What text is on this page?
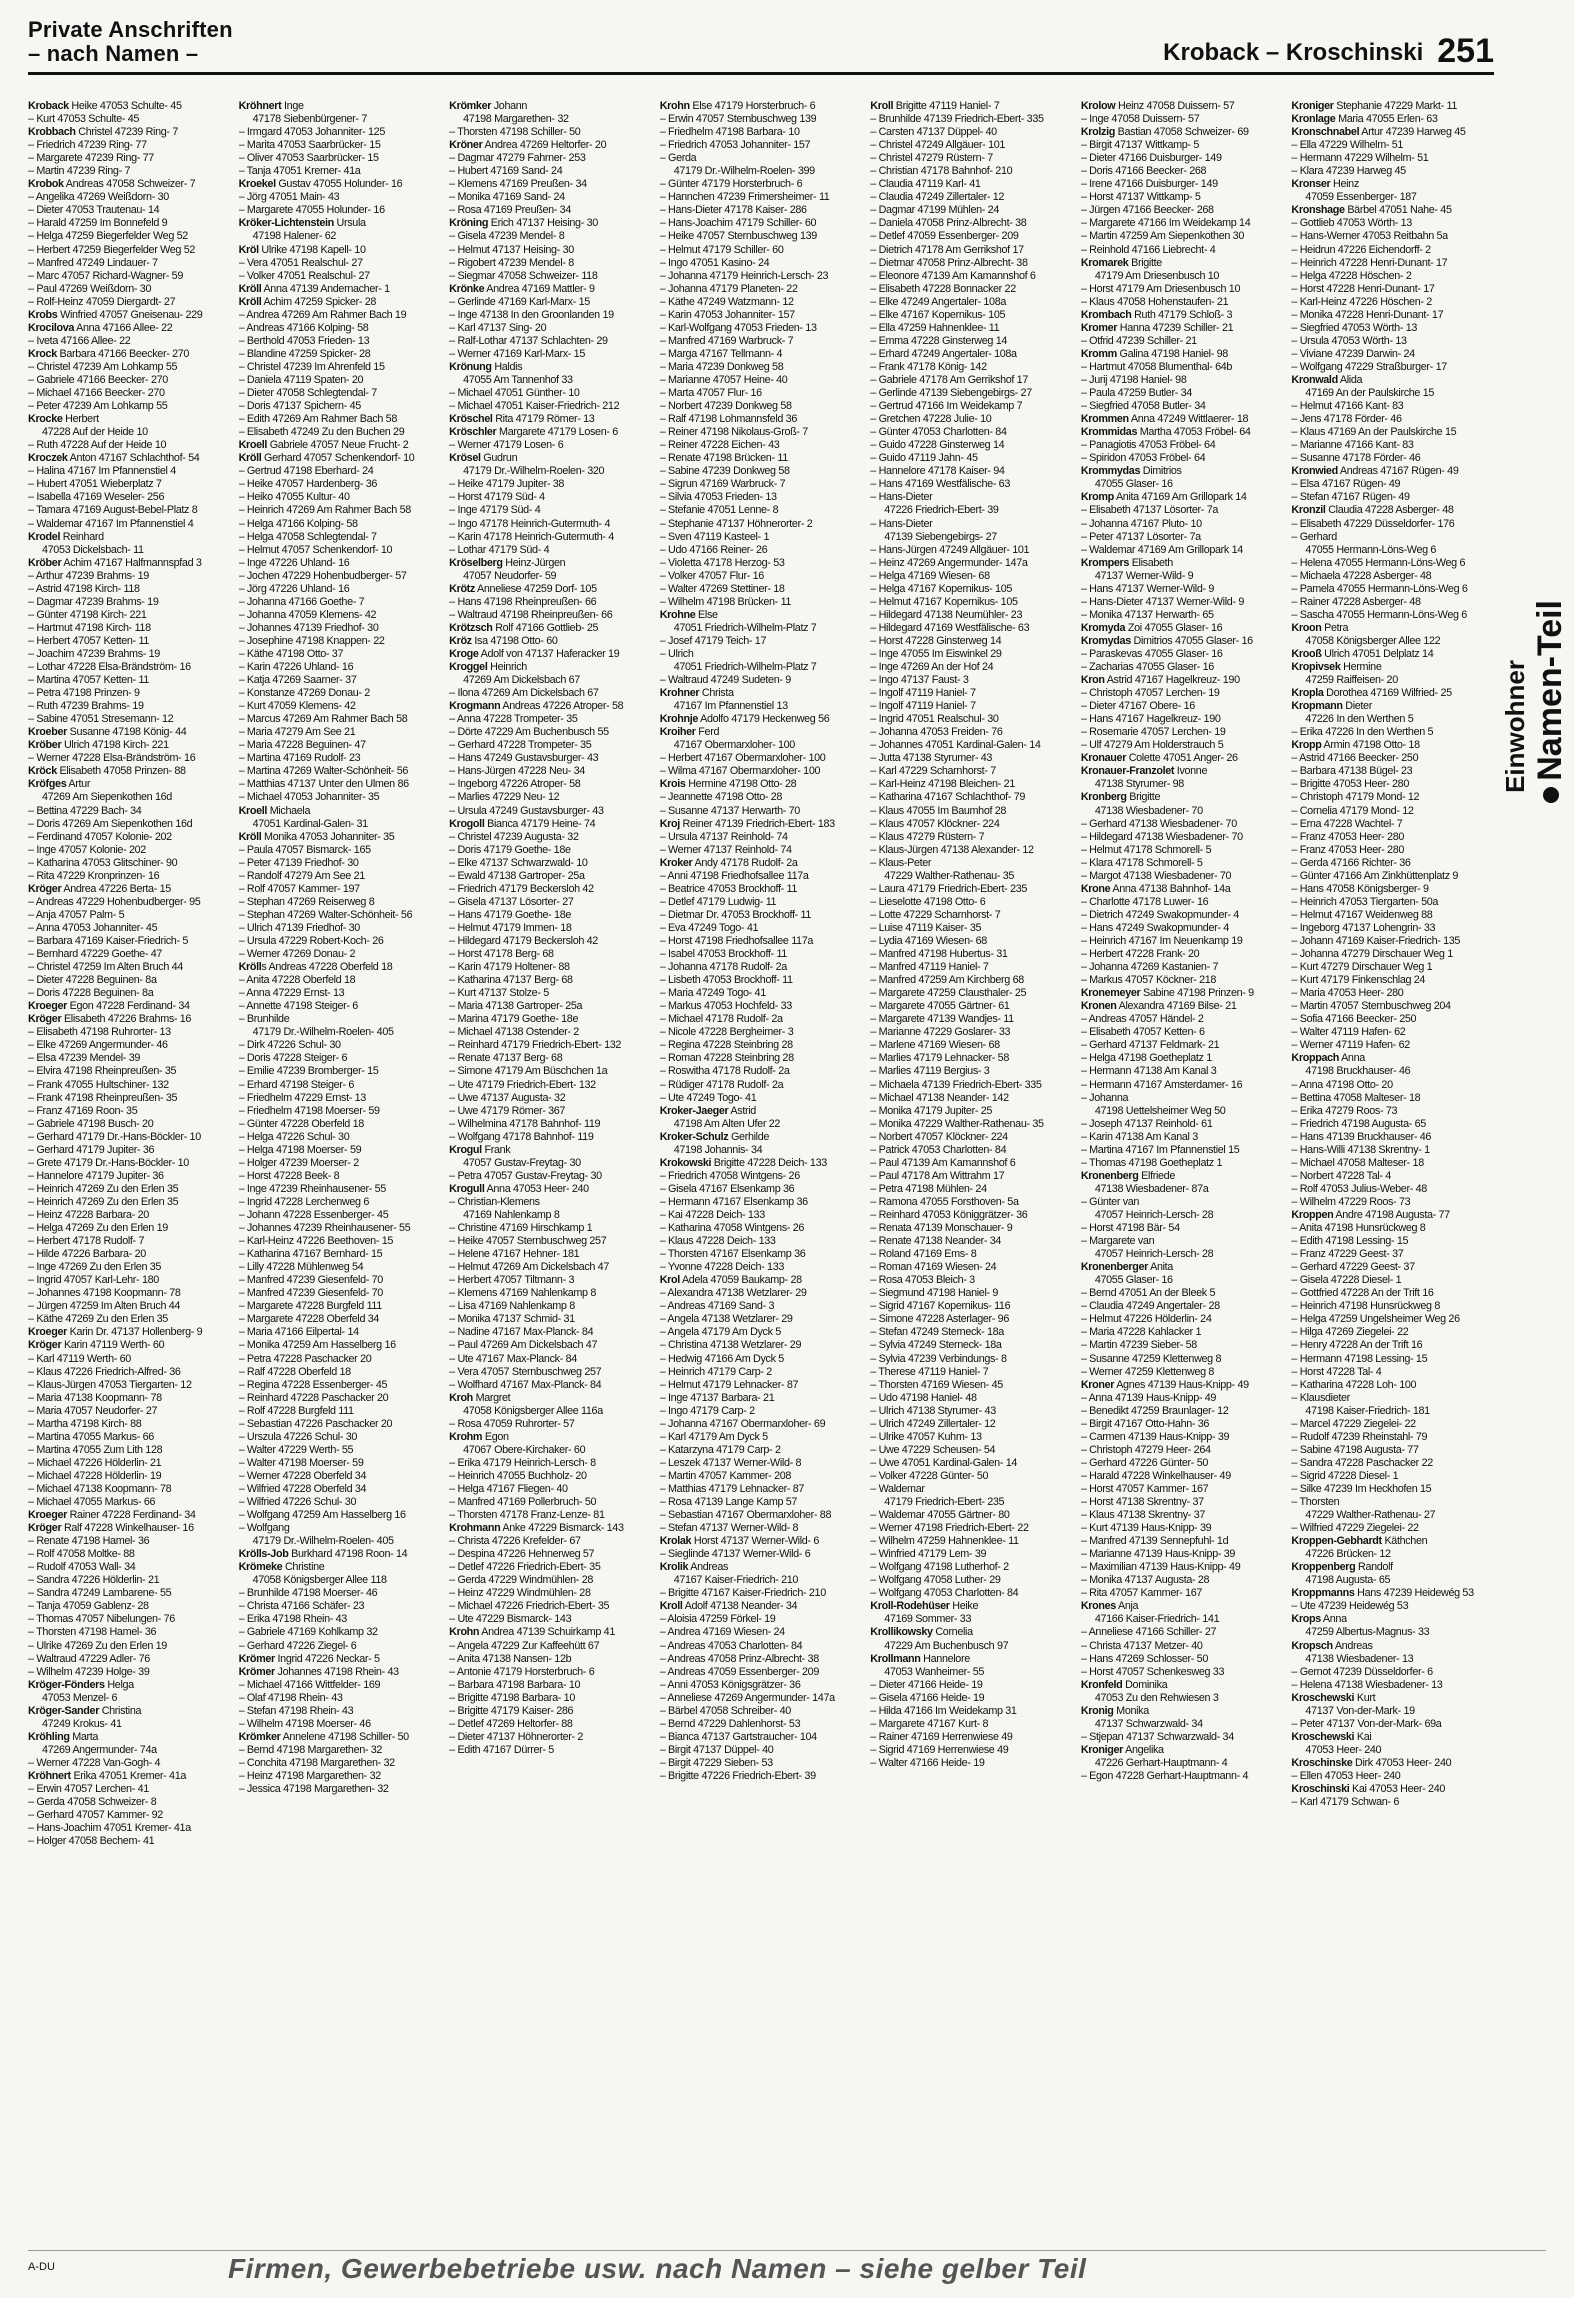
Private Anschriften
– nach Namen –	Kroback – Kroschinski 251
Kroback Heike 47053 Schulte- 45
– Kurt 47053 Schulte- 45
Krobbach Christel 47239 Ring- 7
– Friedrich 47239 Ring- 77
– Margarete 47239 Ring- 77
– Martin 47239 Ring- 7
Krobok Andreas 47058 Schweizer- 7
– Angelika 47269 Weißdorn- 30
– Dieter 47053 Trautenau- 14
– Harald 47259 Im Bonnefeld 9
– Helga 47259 Biegerfelder Weg 52
– Herbert 47259 Biegerfelder Weg 52
– Manfred 47249 Lindauer- 7
– Marc 47057 Richard-Wagner- 59
– Paul 47269 Weißdorn- 30
– Rolf-Heinz 47059 Diergardt- 27
Krobs Winfried 47057 Gneisenau- 229
Krocilova Anna 47166 Allee- 22
– Iveta 47166 Allee- 22
Krock Barbara 47166 Beecker- 270
– Christel 47239 Am Lohkamp 55
– Gabriele 47166 Beecker- 270
– Michael 47166 Beecker- 270
– Peter 47239 Am Lohkamp 55
Krocke Herbert
47228 Auf der Heide 10
– Ruth 47228 Auf der Heide 10
Kroczek Anton 47167 Schlachthof- 54
– Halina 47167 Im Pfannenstiel 4
– Hubert 47051 Wieberplatz 7
– Isabella 47169 Weseler- 256
– Tamara 47169 August-Bebel-Platz 8
– Waldemar 47167 Im Pfannenstiel 4
Krodel Reinhard
47053 Dickelsbach- 11
Kröber Achim 47167 Halfmannspfad 3
– Arthur 47239 Brahms- 19
– Astrid 47198 Kirch- 118
– Dagmar 47239 Brahms- 19
– Günter 47198 Kirch- 221
– Hartmut 47198 Kirch- 118
– Herbert 47057 Ketten- 11
– Joachim 47239 Brahms- 19
– Lothar 47228 Elsa-Brändström- 16
– Martina 47057 Ketten- 11
– Petra 47198 Prinzen- 9
– Ruth 47239 Brahms- 19
– Sabine 47051 Stresemann- 12
Kroeber Susanne 47198 König- 44
Kröber Ulrich 47198 Kirch- 221
– Werner 47228 Elsa-Brändström- 16
Kröck Elisabeth 47058 Prinzen- 88
Kröfges Artur
47269 Am Siepenkothen 16d
– Bettina 47229 Bach- 34
– Doris 47269 Am Siepenkothen 16d
– Ferdinand 47057 Kolonie- 202
– Inge 47057 Kolonie- 202
– Katharina 47053 Glitschiner- 90
– Rita 47229 Kronprinzen- 16
Kröger Andrea 47226 Berta- 15
– Andreas 47229 Hohenbudberger- 95
– Anja 47057 Palm- 5
– Anna 47053 Johanniter- 45
– Barbara 47169 Kaiser-Friedrich- 5
– Bernhard 47229 Goethe- 47
– Christel 47259 Im Alten Bruch 44
– Dieter 47228 Beguinen- 8a
– Doris 47228 Beguinen- 8a
Kroeger Egon 47228 Ferdinand- 34
Kröger Elisabeth 47226 Brahms- 16
– Elisabeth 47198 Ruhrorter- 13
– Elke 47269 Angermunder- 46
– Elsa 47239 Mendel- 39
– Elvira 47198 Rheinpreußen- 35
– Frank 47055 Hultschiner- 132
– Frank 47198 Rheinpreußen- 35
– Franz 47169 Roon- 35
– Gabriele 47198 Busch- 20
– Gerhard 47179 Dr.-Hans-Böckler- 10
– Gerhard 47179 Jupiter- 36
– Grete 47179 Dr.-Hans-Böckler- 10
– Hannelore 47179 Jupiter- 36
– Heinrich 47269 Zu den Erlen 35
– Heinrich 47269 Zu den Erlen 35
– Heinz 47228 Barbara- 20
– Helga 47269 Zu den Erlen 19
– Herbert 47178 Rudolf- 7
– Hilde 47226 Barbara- 20
– Inge 47269 Zu den Erlen 35
– Ingrid 47057 Karl-Lehr- 180
– Johannes 47198 Koopmann- 78
– Jürgen 47259 Im Alten Bruch 44
– Käthe 47269 Zu den Erlen 35
Kroeger Karin Dr. 47137 Hollenberg- 9
Kröger Karin 47119 Werth- 60
– Karl 47119 Werth- 60
– Klaus 47226 Friedrich-Alfred- 36
– Klaus-Jürgen 47053 Tiergarten- 12
– Maria 47138 Koopmann- 78
– Maria 47057 Neudorfer- 27
– Martha 47198 Kirch- 88
– Martina 47055 Markus- 66
– Martina 47055 Zum Lith 128
– Michael 47226 Hölderlin- 21
– Michael 47228 Hölderlin- 19
– Michael 47138 Koopmann- 78
– Michael 47055 Markus- 66
Kroeger Rainer 47228 Ferdinand- 34
Kröger Ralf 47228 Winkelhauser- 16
– Renate 47198 Hamel- 36
– Rolf 47058 Moltke- 88
– Rudolf 47053 Wall- 34
– Sandra 47226 Hölderlin- 21
– Sandra 47249 Lambarene- 55
– Tanja 47059 Gablenz- 28
– Thomas 47057 Nibelungen- 76
– Thorsten 47198 Hamel- 36
– Ulrike 47269 Zu den Erlen 19
– Waltraud 47229 Adler- 76
– Wilhelm 47239 Holge- 39
Kröger-Fönders Helga
47053 Menzel- 6
Kröger-Sander Christina
47249 Krokus- 41
Kröhling Marta
47269 Angermunder- 74a
– Werner 47228 Van-Gogh- 4
Kröhnert Erika 47051 Kremer- 41a
– Erwin 47057 Lerchen- 41
– Gerda 47058 Schweizer- 8
– Gerhard 47057 Kammer- 92
– Hans-Joachim 47051 Kremer- 41a
– Holger 47058 Bechem- 41
Kröhnert Inge
47178 Siebenbürgener- 7
– Irmgard 47053 Johanniter- 125
– Marita 47053 Saarbrücker- 15
– Oliver 47053 Saarbrücker- 15
– Tanja 47051 Kremer- 41a
Kroekel Gustav 47055 Holunder- 16
– Jörg 47051 Main- 43
– Margarete 47055 Holunder- 16
Kröker-Lichtenstein Ursula
47198 Halener- 62
Kröl Ulrike 47198 Kapell- 10
– Vera 47051 Realschul- 27
– Volker 47051 Realschul- 27
Kröll Anna 47139 Andernacher- 1
Kröll Achim 47259 Spicker- 28
– Andrea 47269 Am Rahmer Bach 19
– Andreas 47166 Kolping- 58
– Berthold 47053 Frieden- 13
– Blandine 47259 Spicker- 28
– Christel 47239 Im Ahrenfeld 15
– Daniela 47119 Spaten- 20
– Dieter 47058 Schlegtendal- 7
– Doris 47137 Spichern- 45
– Edith 47269 Am Rahmer Bach 58
– Elisabeth 47249 Zu den Buchen 29
Kroell Gabriele 47057 Neue Frucht- 2
Kröll Gerhard 47057 Schenkendorf- 10
– Gertrud 47198 Eberhard- 24
– Heike 47057 Hardenberg- 36
– Heiko 47055 Kultur- 40
– Heinrich 47269 Am Rahmer Bach 58
– Helga 47166 Kolping- 58
– Helga 47058 Schlegtendal- 7
– Helmut 47057 Schenkendorf- 10
– Inge 47226 Uhland- 16
– Jochen 47229 Hohenbudberger- 57
– Jörg 47226 Uhland- 16
– Johanna 47166 Goethe- 7
– Johanna 47059 Klemens- 42
– Johannes 47139 Friedhof- 30
– Josephine 47198 Knappen- 22
– Käthe 47198 Otto- 37
– Karin 47226 Uhland- 16
– Katja 47269 Saarner- 37
– Konstanze 47269 Donau- 2
– Kurt 47059 Klemens- 42
– Marcus 47269 Am Rahmer Bach 58
– Maria 47279 Am See 21
– Maria 47228 Beguinen- 47
– Martina 47169 Rudolf- 23
– Martina 47269 Walter-Schönheit- 56
– Matthias 47137 Unter den Ulmen 86
– Michael 47053 Johanniter- 35
Kroell Michaela
47051 Kardinal-Galen- 31
Kröll Monika 47053 Johanniter- 35
– Paula 47057 Bismarck- 165
– Peter 47139 Friedhof- 30
– Randolf 47279 Am See 21
– Rolf 47057 Kammer- 197
– Stephan 47269 Reiserweg 8
– Stephan 47269 Walter-Schönheit- 56
– Ulrich 47139 Friedhof- 30
– Ursula 47229 Robert-Koch- 26
– Werner 47269 Donau- 2
Krölls Andreas 47228 Oberfeld 18
– Anita 47228 Oberfeld 18
– Anna 47229 Ernst- 13
– Annette 47198 Steiger- 6
– Brunhilde
47179 Dr.-Wilhelm-Roelen- 405
– Dirk 47226 Schul- 30
– Doris 47228 Steiger- 6
– Emilie 47239 Bromberger- 15
– Erhard 47198 Steiger- 6
– Friedhelm 47229 Ernst- 13
– Friedhelm 47198 Moerser- 59
– Günter 47228 Oberfeld 18
– Helga 47226 Schul- 30
– Helga 47198 Moerser- 59
– Holger 47239 Moerser- 2
– Horst 47228 Beek- 8
– Inge 47239 Rheinhausener- 55
– Ingrid 47228 Lerchenweg 6
– Johann 47228 Essenberger- 45
– Johannes 47239 Rheinhausener- 55
– Karl-Heinz 47226 Beethoven- 15
– Katharina 47167 Bernhard- 15
– Lilly 47228 Mühlenweg 54
– Manfred 47239 Giesenfeld- 70
– Manfred 47239 Giesenfeld- 70
– Margarete 47228 Burgfeld 111
– Margarete 47228 Oberfeld 34
– Maria 47166 Eilpertal- 14
– Monika 47259 Am Hasselberg 16
– Petra 47228 Paschacker 20
– Ralf 47228 Oberfeld 18
– Regina 47228 Essenberger- 45
– Reinhard 47228 Paschacker 20
– Rolf 47228 Burgfeld 111
– Sebastian 47226 Paschacker 20
– Urszula 47226 Schul- 30
– Walter 47229 Werth- 55
– Walter 47198 Moerser- 59
– Werner 47228 Oberfeld 34
– Wilfried 47228 Oberfeld 34
– Wilfried 47226 Schul- 30
– Wolfgang 47259 Am Hasselberg 16
– Wolfgang
47179 Dr.-Wilhelm-Roelen- 405
Krölls-Job Burkhard 47198 Roon- 14
Krömeke Christine
47058 Königsberger Allee 118
– Brunhilde 47198 Moerser- 46
– Christa 47166 Schäfer- 23
– Erika 47198 Rhein- 43
– Gabriele 47169 Kohlkamp 32
– Gerhard 47226 Ziegel- 6
Krömer Ingrid 47226 Neckar- 5
Krömer Johannes 47198 Rhein- 43
– Michael 47166 Wittfelder- 169
– Olaf 47198 Rhein- 43
– Stefan 47198 Rhein- 43
– Wilhelm 47198 Moerser- 46
Krömker Annelene 47198 Schiller- 50
– Bernd 47198 Margarethen- 32
– Conchita 47198 Margarethen- 32
– Heinz 47198 Margarethen- 32
– Jessica 47198 Margarethen- 32
Krömker Johann
47198 Margarethen- 32
– Thorsten 47198 Schiller- 50
Kröner Andrea 47269 Heltorfer- 20
– Dagmar 47279 Fahrner- 253
– Hubert 47169 Sand- 24
– Klemens 47169 Preußen- 34
– Monika 47169 Sand- 24
– Rosa 47169 Preußen- 34
Kröning Erich 47137 Heising- 30
– Gisela 47239 Mendel- 8
– Helmut 47137 Heising- 30
– Rigobert 47239 Mendel- 8
– Siegmar 47058 Schweizer- 118
Krönke Andrea 47169 Mattler- 9
– Gerlinde 47169 Karl-Marx- 15
– Inge 47138 In den Groonlanden 19
– Karl 47137 Sing- 20
– Ralf-Lothar 47137 Schlachten- 29
– Werner 47169 Karl-Marx- 15
Krönung Haldis
47055 Am Tannenhof 33
– Michael 47051 Günther- 10
– Michael 47051 Kaiser-Friedrich- 212
Kröschel Rita 47179 Römer- 13
Kröschler Margarete 47179 Losen- 6
– Werner 47179 Losen- 6
Krösel Gudrun
47179 Dr.-Wilhelm-Roelen- 320
– Heike 47179 Jupiter- 38
– Horst 47179 Süd- 4
– Inge 47179 Süd- 4
– Ingo 47178 Heinrich-Gutermuth- 4
– Karin 47178 Heinrich-Gutermuth- 4
– Lothar 47179 Süd- 4
Kröselberg Heinz-Jürgen
47057 Neudorfer- 59
Krötz Anneliese 47259 Dorf- 105
– Hans 47198 Rheinpreußen- 66
– Waltraud 47198 Rheinpreußen- 66
Krötzsch Rolf 47166 Gottlieb- 25
Kröz Isa 47198 Otto- 60
Kroge Adolf von 47137 Haferacker 19
Kroggel Heinrich
47269 Am Dickelsbach 67
– Ilona 47269 Am Dickelsbach 67
Krogmann Andreas 47226 Atroper- 58
– Anna 47228 Trompeter- 35
– Dörte 47229 Am Buchenbusch 55
– Gerhard 47228 Trompeter- 35
– Hans 47249 Gustavsburger- 43
– Hans-Jürgen 47228 Neu- 34
– Ingeborg 47226 Atroper- 58
– Marlies 47229 Neu- 12
– Ursula 47249 Gustavsburger- 43
Krogoll Bianca 47179 Heine- 74
– Christel 47239 Augusta- 32
– Doris 47179 Goethe- 18e
– Elke 47137 Schwarzwald- 10
– Ewald 47138 Gartroper- 25a
– Friedrich 47179 Beckersloh 42
– Gisela 47137 Lösorter- 27
– Hans 47179 Goethe- 18e
– Helmut 47179 Immen- 18
– Hildegard 47179 Beckersloh 42
– Horst 47178 Berg- 68
– Karin 47179 Holtener- 88
– Katharina 47137 Berg- 68
– Kurt 47137 Stolze- 5
– Maria 47138 Gartroper- 25a
– Marina 47179 Goethe- 18e
– Michael 47138 Ostender- 2
– Reinhard 47179 Friedrich-Ebert- 132
– Renate 47137 Berg- 68
– Simone 47179 Am Büschchen 1a
– Ute 47179 Friedrich-Ebert- 132
– Uwe 47137 Augusta- 32
– Uwe 47179 Römer- 367
– Wilhelmina 47178 Bahnhof- 119
– Wolfgang 47178 Bahnhof- 119
Krogul Frank
47057 Gustav-Freytag- 30
– Petra 47057 Gustav-Freytag- 30
Krogull Anna 47053 Heer- 240
– Christian-Klemens
47169 Nahlenkamp 8
– Christine 47169 Hirschkamp 1
– Heike 47057 Sternbuschweg 257
– Helene 47167 Hehner- 181
– Helmut 47269 Am Dickelsbach 47
– Herbert 47057 Tiltmann- 3
– Klemens 47169 Nahlenkamp 8
– Lisa 47169 Nahlenkamp 8
– Monika 47137 Schmid- 31
– Nadine 47167 Max-Planck- 84
– Paul 47269 Am Dickelsbach 47
– Ute 47167 Max-Planck- 84
– Vera 47057 Sternbuschweg 257
– Wolfhard 47167 Max-Planck- 84
Kroh Margret
47058 Königsberger Allee 116a
– Rosa 47059 Ruhrorter- 57
Krohm Egon
47067 Obere-Kirchaker- 60
– Erika 47179 Heinrich-Lersch- 8
– Heinrich 47055 Buchholz- 20
– Helga 47167 Fliegen- 40
– Manfred 47169 Pollerbruch- 50
– Thorsten 47178 Franz-Lenze- 81
Krohmann Anke 47229 Bismarck- 143
– Christa 47226 Krefelder- 67
– Despina 47226 Hehnerweg 57
– Detlef 47226 Friedrich-Ebert- 35
– Gerda 47229 Windmühlen- 28
– Heinz 47229 Windmühlen- 28
– Michael 47226 Friedrich-Ebert- 35
– Ute 47229 Bismarck- 143
Krohn Andrea 47139 Schuirkamp 41
– Angela 47229 Zur Kaffeehütt 67
– Anita 47138 Nansen- 12b
– Antonie 47179 Horsterbruch- 6
– Barbara 47198 Barbara- 10
– Brigitte 47198 Barbara- 10
– Brigitte 47179 Kaiser- 286
– Detlef 47269 Heltorfer- 88
– Dieter 47137 Höhnerorter- 2
– Edith 47167 Dürrer- 5
Krohn Else 47179 Horsterbruch- 6
– Erwin 47057 Sternbuschweg 139
– Friedhelm 47198 Barbara- 10
– Friedrich 47053 Johanniter- 157
– Gerda
47179 Dr.-Wilhelm-Roelen- 399
– Günter 47179 Horsterbruch- 6
– Hannchen 47239 Frimersheimer- 11
– Hans-Dieter 47178 Kaiser- 286
– Hans-Joachim 47179 Schiller- 60
– Heike 47057 Sternbuschweg 139
– Helmut 47179 Schiller- 60
– Ingo 47051 Kasino- 24
– Johanna 47179 Heinrich-Lersch- 23
– Johanna 47179 Planeten- 22
– Käthe 47249 Watzmann- 12
– Karin 47053 Johanniter- 157
– Karl-Wolfgang 47053 Frieden- 13
– Manfred 47169 Warbruck- 7
– Marga 47167 Tellmann- 4
– Maria 47239 Donkweg 58
– Marianne 47057 Heine- 40
– Marta 47057 Flur- 16
– Norbert 47239 Donkweg 58
– Ralf 47198 Lohmannsfeld 36
– Reiner 47198 Nikolaus-Groß- 7
– Reiner 47228 Eichen- 43
– Renate 47198 Brücken- 11
– Sabine 47239 Donkweg 58
– Sigrun 47169 Warbruck- 7
– Silvia 47053 Frieden- 13
– Stefanie 47051 Lenne- 8
– Stephanie 47137 Höhnerorter- 2
– Sven 47119 Kasteel- 1
– Udo 47166 Reiner- 26
– Violetta 47178 Herzog- 53
– Volker 47057 Flur- 16
– Walter 47269 Stettiner- 18
– Wilhelm 47198 Brücken- 11
Krohne Else
47051 Friedrich-Wilhelm-Platz 7
– Josef 47179 Teich- 17
– Ulrich
47051 Friedrich-Wilhelm-Platz 7
– Waltraud 47249 Sudeten- 9
Krohner Christa
47167 Im Pfannenstiel 13
Krohnje Adolfo 47179 Heckenweg 56
Kroiher Ferd
47167 Obermarxloher- 100
– Herbert 47167 Obermarxloher- 100
– Wilma 47167 Obermarxloher- 100
Krois Hermine 47198 Otto- 28
– Jeannette 47198 Otto- 28
– Susanne 47137 Herwarth- 70
Kroj Reiner 47139 Friedrich-Ebert- 183
– Ursula 47137 Reinhold- 74
– Werner 47137 Reinhold- 74
Kroker Andy 47178 Rudolf- 2a
– Anni 47198 Friedhofsallee 117a
– Beatrice 47053 Brockhoff- 11
– Detlef 47179 Ludwig- 11
– Dietmar Dr. 47053 Brockhoff- 11
– Eva 47249 Togo- 41
– Horst 47198 Friedhofsallee 117a
– Isabel 47053 Brockhoff- 11
– Johanna 47178 Rudolf- 2a
– Lisbeth 47053 Brockhoff- 11
– Maria 47249 Togo- 41
– Markus 47053 Hochfeld- 33
– Michael 47178 Rudolf- 2a
– Nicole 47228 Bergheimer- 3
– Regina 47228 Steinbring 28
– Roman 47228 Steinbring 28
– Roswitha 47178 Rudolf- 2a
– Rüdiger 47178 Rudolf- 2a
– Ute 47249 Togo- 41
Kroker-Jaeger Astrid
47198 Am Alten Ufer 22
Kroker-Schulz Gerhilde
47198 Johannis- 34
Krokowski Brigitte 47228 Deich- 133
– Friedrich 47058 Wintgens- 26
– Gisela 47167 Elsenkamp 36
– Hermann 47167 Elsenkamp 36
– Kai 47228 Deich- 133
– Katharina 47058 Wintgens- 26
– Klaus 47228 Deich- 133
– Thorsten 47167 Elsenkamp 36
– Yvonne 47228 Deich- 133
Krol Adela 47059 Baukamp- 28
– Alexandra 47138 Wetzlarer- 29
– Andreas 47169 Sand- 3
– Angela 47138 Wetzlarer- 29
– Angela 47179 Am Dyck 5
– Christina 47138 Wetzlarer- 29
– Hedwig 47166 Am Dyck 5
– Heinrich 47179 Carp- 2
– Helmut 47179 Lehnacker- 87
– Inge 47137 Barbara- 21
– Ingo 47179 Carp- 2
– Johanna 47167 Obermarxloher- 69
– Karl 47179 Am Dyck 5
– Katarzyna 47179 Carp- 2
– Leszek 47137 Werner-Wild- 8
– Martin 47057 Kammer- 208
– Matthias 47179 Lehnacker- 87
– Rosa 47139 Lange Kamp 57
– Sebastian 47167 Obermarxloher- 88
– Stefan 47137 Werner-Wild- 8
Krolak Horst 47137 Werner-Wild- 6
– Sieglinde 47137 Werner-Wild- 6
Krolik Andreas
47167 Kaiser-Friedrich- 210
– Brigitte 47167 Kaiser-Friedrich- 210
Kroll Adolf 47138 Neander- 34
– Aloisia 47259 Förkel- 19
– Andrea 47169 Wiesen- 24
– Andreas 47053 Charlotten- 84
– Andreas 47058 Prinz-Albrecht- 38
– Andreas 47059 Essenberger- 209
– Anni 47053 Königsgrätzer- 36
– Anneliese 47269 Angermunder- 147a
– Bärbel 47058 Schreiber- 40
– Bernd 47229 Dahlenhorst- 53
– Bianca 47137 Gartstraucher- 104
– Birgit 47137 Düppel- 40
– Birgit 47229 Sieben- 53
– Brigitte 47226 Friedrich-Ebert- 39
Kroll Brigitte 47119 Haniel- 7
– Brunhilde 47139 Friedrich-Ebert- 335
– Carsten 47137 Düppel- 40
– Christel 47249 Allgäuer- 101
– Christel 47279 Rüstern- 7
– Christian 47178 Bahnhof- 210
– Claudia 47119 Karl- 41
– Claudia 47249 Zillertaler- 12
– Dagmar 47199 Mühlen- 24
– Daniela 47058 Prinz-Albrecht- 38
– Detlef 47059 Essenberger- 209
– Dietrich 47178 Am Gerrikshof 17
– Dietmar 47058 Prinz-Albrecht- 38
– Eleonore 47139 Am Kamannshof 6
– Elisabeth 47228 Bonnacker 22
– Elke 47249 Angertaler- 108a
– Elke 47167 Kopernikus- 105
– Ella 47259 Hahnenklee- 11
– Emma 47228 Ginsterweg 14
– Erhard 47249 Angertaler- 108a
– Frank 47178 König- 142
– Gabriele 47178 Am Gerrikshof 17
– Gerlinde 47139 Siebengebirgs- 27
– Gertrud 47166 Im Weidekamp 7
– Gretchen 47228 Julie- 10
– Günter 47053 Charlotten- 84
– Guido 47228 Ginsterweg 14
– Guido 47119 Jahn- 45
– Hannelore 47178 Kaiser- 94
– Hans 47169 Westfälische- 63
– Hans-Dieter
47226 Friedrich-Ebert- 39
– Hans-Dieter
47139 Siebengebirgs- 27
– Hans-Jürgen 47249 Allgäuer- 101
– Heinz 47269 Angermunder- 147a
– Helga 47169 Wiesen- 68
– Helga 47167 Kopernikus- 105
– Helmut 47167 Kopernikus- 105
– Hildegard 47138 Neumühler- 23
– Hildegard 47169 Westfälische- 63
– Horst 47228 Ginsterweg 14
– Inge 47055 Im Eiswinkel 29
– Inge 47269 An der Hof 24
– Ingo 47137 Faust- 3
– Ingolf 47119 Haniel- 7
– Ingolf 47119 Haniel- 7
– Ingrid 47051 Realschul- 30
– Johanna 47053 Freiden- 76
– Johannes 47051 Kardinal-Galen- 14
– Jutta 47138 Styrumer- 43
– Karl 47229 Scharnhorst- 7
– Karl-Heinz 47198 Bleichen- 21
– Katharina 47167 Schlachthof- 79
– Klaus 47055 Im Baumhof 28
– Klaus 47057 Klöckner- 224
– Klaus 47279 Rüstern- 7
– Klaus-Jürgen 47138 Alexander- 12
– Klaus-Peter
47229 Walther-Rathenau- 35
– Laura 47179 Friedrich-Ebert- 235
– Lieselotte 47198 Otto- 6
– Lotte 47229 Scharnhorst- 7
– Luise 47119 Kaiser- 35
– Lydia 47169 Wiesen- 68
– Manfred 47198 Hubertus- 31
– Manfred 47119 Haniel- 7
– Manfred 47259 Am Kirchberg 68
– Margarete 47259 Clausthaler- 25
– Margarete 47055 Gärtner- 61
– Margarete 47139 Wandjes- 11
– Marianne 47229 Goslarer- 33
– Marlene 47169 Wiesen- 68
– Marlies 47179 Lehnacker- 58
– Marlies 47119 Bergius- 3
– Michaela 47139 Friedrich-Ebert- 335
– Michael 47138 Neander- 142
– Monika 47179 Jupiter- 25
– Monika 47229 Walther-Rathenau- 35
– Norbert 47057 Klöckner- 224
– Patrick 47053 Charlotten- 84
– Paul 47139 Am Kamannshof 6
– Paul 47178 Am Wittrahm 17
– Petra 47198 Mühlen- 24
– Ramona 47055 Forsthoven- 5a
– Reinhard 47053 Königgrätzer- 36
– Renata 47139 Monschauer- 9
– Renate 47138 Neander- 34
– Roland 47169 Ems- 8
– Roman 47169 Wiesen- 24
– Rosa 47053 Bleich- 3
– Siegmund 47198 Haniel- 9
– Sigrid 47167 Kopernikus- 116
– Simone 47228 Asterlager- 96
– Stefan 47249 Sterneck- 18a
– Sylvia 47249 Sterneck- 18a
– Sylvia 47239 Verbindungs- 8
– Therese 47119 Haniel- 7
– Thorsten 47169 Wiesen- 45
– Udo 47198 Haniel- 48
– Ulrich 47138 Styrumer- 43
– Ulrich 47249 Zillertaler- 12
– Ulrike 47057 Kuhm- 13
– Uwe 47229 Scheusen- 54
– Uwe 47051 Kardinal-Galen- 14
– Volker 47228 Günter- 50
– Waldemar
47179 Friedrich-Ebert- 235
– Waldemar 47055 Gärtner- 80
– Werner 47198 Friedrich-Ebert- 22
– Wilhelm 47259 Hahnenklee- 11
– Winfried 47179 Lem- 39
– Wolfgang 47198 Lutherhof- 2
– Wolfgang 47058 Luther- 29
– Wolfgang 47053 Charlotten- 84
Kroll-Rodehüser Heike
47169 Sommer- 33
Krollikowsky Cornelia
47229 Am Buchenbusch 97
Krollmann Hannelore
47053 Wanheimer- 55
– Dieter 47166 Heide- 19
– Gisela 47166 Heide- 19
– Hilda 47166 Im Weidekamp 31
– Margarete 47167 Kurt- 8
– Rainer 47169 Herrenwiese 49
– Sigrid 47169 Herrenwiese 49
– Walter 47166 Heide- 19
Krolow Heinz 47058 Duissern- 57
– Inge 47058 Duissern- 57
Krolzig Bastian 47058 Schweizer- 69
– Birgit 47137 Wittkamp- 5
– Dieter 47166 Duisburger- 149
– Doris 47166 Beecker- 268
– Irene 47166 Duisburger- 149
– Horst 47137 Wittkamp- 5
– Jürgen 47166 Beecker- 268
– Margarete 47166 Im Weidekamp 14
– Martin 47259 Am Siepenkothen 30
– Reinhold 47166 Liebrecht- 4
Kromarek Brigitte
47179 Am Driesenbusch 10
– Horst 47179 Am Driesenbusch 10
– Klaus 47058 Hohenstaufen- 21
Krombach Ruth 47179 Schloß- 3
Kromer Hanna 47239 Schiller- 21
– Otfrid 47239 Schiller- 21
Kromm Galina 47198 Haniel- 98
– Hartmut 47058 Blumenthal- 64b
– Jurij 47198 Haniel- 98
– Paula 47259 Butler- 34
– Siegfried 47058 Butler- 34
Krommen Anna 47249 Wittlaerer- 18
Krommidas Martha 47053 Fröbel- 64
– Panagiotis 47053 Fröbel- 64
– Spiridon 47053 Fröbel- 64
Krommydas Dimitrios
47055 Glaser- 16
Kromp Anita 47169 Am Grillopark 14
– Elisabeth 47137 Lösorter- 7a
– Johanna 47167 Pluto- 10
– Peter 47137 Lösorter- 7a
– Waldemar 47169 Am Grillopark 14
Krompers Elisabeth
47137 Werner-Wild- 9
– Hans 47137 Werner-Wild- 9
– Hans-Dieter 47137 Werner-Wild- 9
– Monika 47137 Herwarth- 65
Kromyda Zoi 47055 Glaser- 16
Kromydas Dimitrios 47055 Glaser- 16
– Paraskevas 47055 Glaser- 16
– Zacharias 47055 Glaser- 16
Kron Astrid 47167 Hagelkreuz- 190
– Christoph 47057 Lerchen- 19
– Dieter 47167 Obere- 16
– Hans 47167 Hagelkreuz- 190
– Rosemarie 47057 Lerchen- 19
– Ulf 47279 Am Holderstrauch 5
Kronauer Colette 47051 Anger- 26
Kronauer-Franzolet Ivonne
47138 Styrumer- 98
Kronberg Brigitte
47138 Wiesbadener- 70
– Gerhard 47138 Wiesbadener- 70
– Hildegard 47138 Wiesbadener- 70
– Helmut 47178 Schmorell- 5
– Klara 47178 Schmorell- 5
– Margot 47138 Wiesbadener- 70
Krone Anna 47138 Bahnhof- 14a
– Charlotte 47178 Luwer- 16
– Dietrich 47249 Swakopmunder- 4
– Hans 47249 Swakopmunder- 4
– Heinrich 47167 Im Neuenkamp 19
– Herbert 47228 Frank- 20
– Johanna 47269 Kastanien- 7
– Markus 47057 Köckner- 218
Kronemeyer Sabine 47198 Prinzen- 9
Kronen Alexandra 47169 Bilse- 21
– Andreas 47057 Händel- 2
– Elisabeth 47057 Ketten- 6
– Gerhard 47137 Feldmark- 21
– Helga 47198 Goetheplatz 1
– Hermann 47138 Am Kanal 3
– Hermann 47167 Amsterdamer- 16
– Johanna
47198 Uettelsheimer Weg 50
– Joseph 47137 Reinhold- 61
– Karin 47138 Am Kanal 3
– Martina 47167 Im Pfannenstiel 15
– Thomas 47198 Goetheplatz 1
Kronenberg Elfriede
47138 Wiesbadener- 87a
– Günter van
47057 Heinrich-Lersch- 28
– Horst 47198 Bär- 54
– Margarete van
47057 Heinrich-Lersch- 28
Kronenberger Anita
47055 Glaser- 16
– Bernd 47051 An der Bleek 5
– Claudia 47249 Angertaler- 28
– Helmut 47226 Hölderlin- 24
– Maria 47228 Kahlacker 1
– Martin 47239 Sieber- 58
– Susanne 47259 Klettenweg 8
– Werner 47259 Klettenweg 8
Kroner Agnes 47139 Haus-Knipp- 49
– Anna 47139 Haus-Knipp- 49
– Benedikt 47259 Braunlager- 12
– Birgit 47167 Otto-Hahn- 36
– Carmen 47139 Haus-Knipp- 39
– Christoph 47279 Heer- 264
– Gerhard 47226 Günter- 50
– Harald 47228 Winkelhauser- 49
– Horst 47057 Kammer- 167
– Horst 47138 Skrentny- 37
– Klaus 47138 Skrentny- 37
– Kurt 47139 Haus-Knipp- 39
– Manfred 47139 Sennepfuhl- 1d
– Marianne 47139 Haus-Knipp- 39
– Maximilian 47139 Haus-Knipp- 49
– Monika 47137 Augusta- 28
– Rita 47057 Kammer- 167
Krones Anja
47166 Kaiser-Friedrich- 141
– Anneliese 47166 Schiller- 27
– Christa 47137 Metzer- 40
– Hans 47269 Schlosser- 50
– Horst 47057 Schenkesweg 33
Kronfeld Dominika
47053 Zu den Rehwiesen 3
Kronig Monika
47137 Schwarzwald- 34
– Stjepan 47137 Schwarzwald- 34
Kroniger Angelika
47226 Gerhart-Hauptmann- 4
– Egon 47228 Gerhart-Hauptmann- 4
Kroniger Stephanie 47229 Markt- 11
Kronlage Maria 47055 Erlen- 63
Kronschnabel Artur 47239 Harweg 45
– Ella 47229 Wilhelm- 51
– Hermann 47229 Wilhelm- 51
– Klara 47239 Harweg 45
Kronser Heinz
47059 Essenberger- 187
Kronshage Bärbel 47051 Nahe- 45
– Gottlieb 47053 Wörth- 13
– Hans-Werner 47053 Reitbahn 5a
– Heidrun 47226 Eichendorff- 2
– Heinrich 47228 Henri-Dunant- 17
– Helga 47228 Höschen- 2
– Horst 47228 Henri-Dunant- 17
– Karl-Heinz 47226 Höschen- 2
– Monika 47228 Henri-Dunant- 17
– Siegfried 47053 Wörth- 13
– Ursula 47053 Wörth- 13
– Viviane 47239 Darwin- 24
– Wolfgang 47229 Straßburger- 17
Kronwald Alida
47169 An der Paulskirche 15
– Helmut 47166 Kant- 83
– Jens 47178 Förder- 46
– Klaus 47169 An der Paulskirche 15
– Marianne 47166 Kant- 83
– Susanne 47178 Förder- 46
Kronwied Andreas 47167 Rügen- 49
– Elsa 47167 Rügen- 49
– Stefan 47167 Rügen- 49
Kronzil Claudia 47228 Asberger- 48
– Elisabeth 47229 Düsseldorfer- 176
– Gerhard
47055 Hermann-Löns-Weg 6
– Helena 47055 Hermann-Löns-Weg 6
– Michaela 47228 Asberger- 48
– Pamela 47055 Hermann-Löns-Weg 6
– Rainer 47228 Asberger- 48
– Sascha 47055 Hermann-Löns-Weg 6
Kroon Petra
47058 Königsberger Allee 122
Krooß Ulrich 47051 Delplatz 14
Kropivsek Hermine
47259 Raiffeisen- 20
Kropla Dorothea 47169 Wilfried- 25
Kropmann Dieter
47226 In den Werthen 5
– Erika 47226 In den Werthen 5
Kropp Armin 47198 Otto- 18
– Astrid 47166 Beecker- 250
– Barbara 47138 Bügel- 23
– Brigitte 47053 Heer- 280
– Christoph 47179 Mond- 12
– Cornelia 47179 Mond- 12
– Erna 47228 Wachtel- 7
– Franz 47053 Heer- 280
– Franz 47053 Heer- 280
– Gerda 47166 Richter- 36
– Günter 47166 Am Zinkhüttenplatz 9
– Hans 47058 Königsberger- 9
– Heinrich 47053 Tiergarten- 50a
– Helmut 47167 Weidenweg 88
– Ingeborg 47137 Lohengrin- 33
– Johann 47169 Kaiser-Friedrich- 135
– Johanna 47279 Dirschauer Weg 1
– Kurt 47279 Dirschauer Weg 1
– Kurt 47179 Finkenschlag 24
– Maria 47053 Heer- 280
– Martin 47057 Sternbuschweg 204
– Sofia 47166 Beecker- 250
– Walter 47119 Hafen- 62
– Werner 47119 Hafen- 62
Kroppach Anna
47198 Bruckhauser- 46
– Anna 47198 Otto- 20
– Bettina 47058 Malteser- 18
– Erika 47279 Roos- 73
– Friedrich 47198 Augusta- 65
– Hans 47139 Bruckhauser- 46
– Hans-Willi 47138 Skrentny- 1
– Michael 47058 Malteser- 18
– Norbert 47228 Tal- 4
– Rolf 47053 Julius-Weber- 48
– Wilhelm 47229 Roos- 73
Kroppen Andre 47198 Augusta- 77
– Anita 47198 Hunsrückweg 8
– Edith 47198 Lessing- 15
– Franz 47229 Geest- 37
– Gerhard 47229 Geest- 37
– Gisela 47228 Diesel- 1
– Gottfried 47228 An der Trift 16
– Heinrich 47198 Hunsrückweg 8
– Helga 47259 Ungelsheimer Weg 26
– Hilga 47269 Ziegelei- 22
– Henry 47228 An der Trift 16
– Hermann 47198 Lessing- 15
– Horst 47228 Tal- 4
– Katharina 47228 Loh- 100
– Klausdieter
47198 Kaiser-Friedrich- 181
– Marcel 47229 Ziegelei- 22
– Rudolf 47239 Rheinstahl- 79
– Sabine 47198 Augusta- 77
– Sandra 47228 Paschacker 22
– Sigrid 47228 Diesel- 1
– Silke 47239 Im Heckhofen 15
– Thorsten
47229 Walther-Rathenau- 27
– Wilfried 47229 Ziegelei- 22
Kroppen-Gebhardt Käthchen
47226 Brücken- 12
Kroppenberg Randolf
47198 Augusta- 65
Kroppmanns Hans 47239 Heidewég 53
– Ute 47239 Heidewég 53
Krops Anna
47259 Albertus-Magnus- 33
Kropsch Andreas
47138 Wiesbadener- 13
– Gernot 47239 Düsseldorfer- 6
– Helena 47138 Wiesbadener- 13
Kroschewski Kurt
47137 Von-der-Mark- 19
– Peter 47137 Von-der-Mark- 69a
Kroschewski Kai
47053 Heer- 240
Kroschinske Dirk 47053 Heer- 240
– Ellen 47053 Heer- 240
Kroschinski Kai 47053 Heer- 240
– Karl 47179 Schwan- 6
Einwohner Namen-Teil
A-DU	Firmen, Gewerbebetriebe usw. nach Namen – siehe gelber Teil
